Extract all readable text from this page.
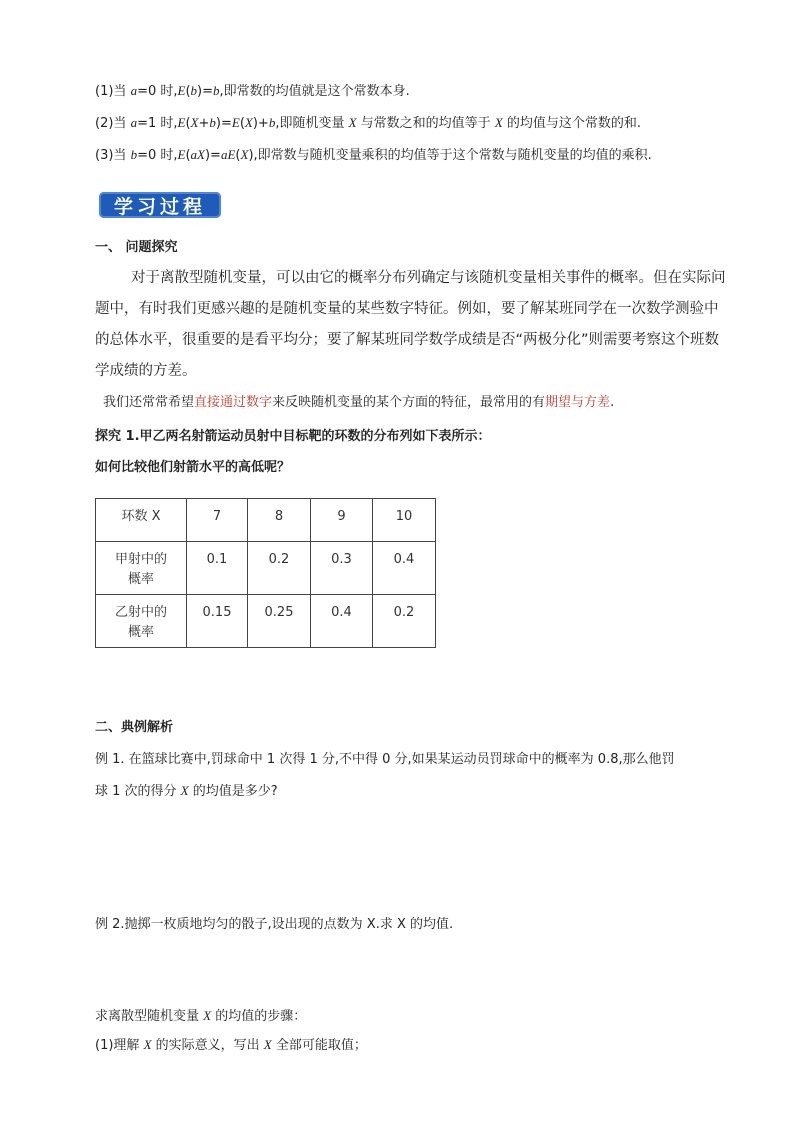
(1)当 a=0 时,E(b)=b,即常数的均值就是这个常数本身.
(2)当 a=1 时,E(X+b)=E(X)+b,即随机变量 X 与常数之和的均值等于 X 的均值与这个常数的和.
(3)当 b=0 时,E(aX)=aE(X),即常数与随机变量乘积的均值等于这个常数与随机变量的均值的乘积.
学习过程
一、 问题探究
对于离散型随机变量，可以由它的概率分布列确定与该随机变量相关事件的概率。但在实际问
题中，有时我们更感兴趣的是随机变量的某些数字特征。例如，要了解某班同学在一次数学测验中
的总体水平，很重要的是看平均分；要了解某班同学数学成绩是否“两极分化”则需要考察这个班数
学成绩的方差。
我们还常常希望直接通过数字来反映随机变量的某个方面的特征，最常用的有期望与方差.
探究 1.甲乙两名射箭运动员射中目标靶的环数的分布列如下表所示：
如何比较他们射箭水平的高低呢？
环数 X	7	8	9	10
甲射中的
概率	0.1	0.2	0.3	0.4
乙射中的
概率	0.15	0.25	0.4	0.2
二、典例解析
例 1. 在篮球比赛中,罚球命中 1 次得 1 分,不中得 0 分,如果某运动员罚球命中的概率为 0.8,那么他罚
球 1 次的得分 X 的均值是多少?
例 2.抛掷一枚质地均匀的骰子,设出现的点数为 X.求 X 的均值.
求离散型随机变量 X 的均值的步骤：
(1)理解 X 的实际意义，写出 X 全部可能取值；
